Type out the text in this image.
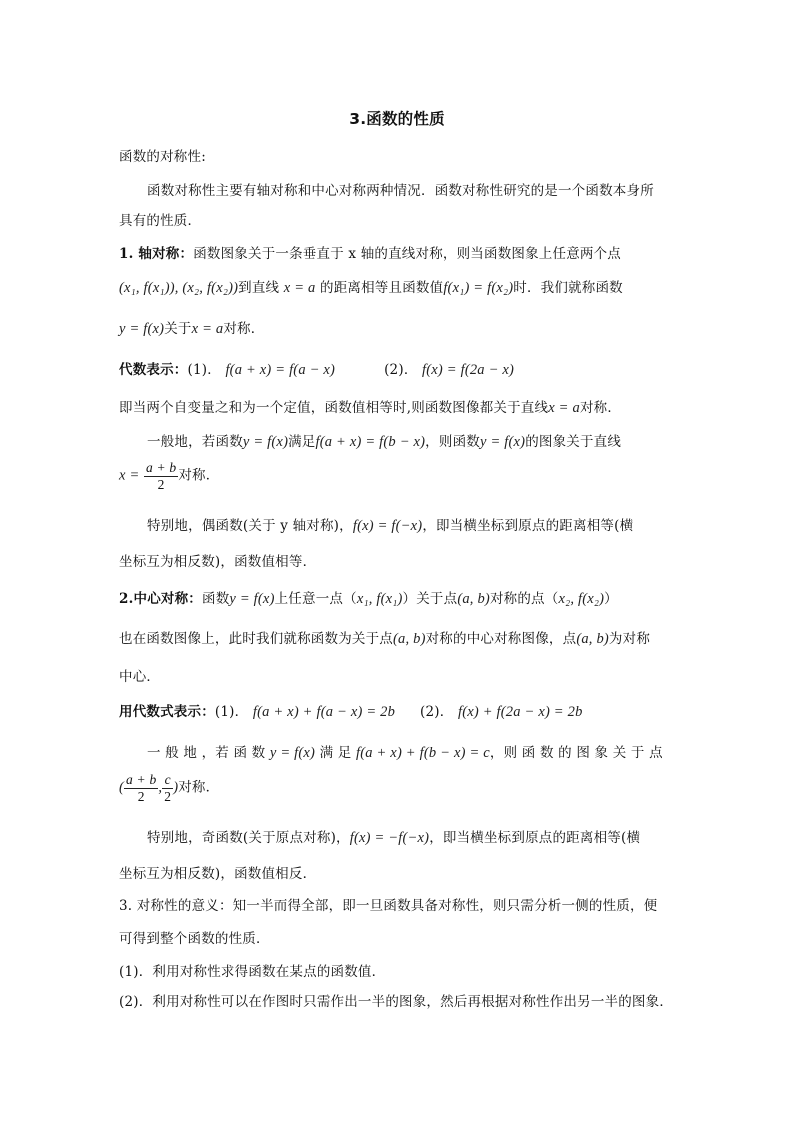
3.函数的性质
函数的对称性:
函数对称性主要有轴对称和中心对称两种情况．函数对称性研究的是一个函数本身所
具有的性质．
1. 轴对称：函数图象关于一条垂直于 x 轴的直线对称，则当函数图象上任意两个点
(x₁, f(x₁)), (x₂, f(x₂))到直线 x = a 的距离相等且函数值f(x₁) = f(x₂)时．我们就称函数
y = f(x)关于x = a对称．
代数表示：(1)． f(a + x) = f(a − x)	(2)． f(x) = f(2a − x)
即当两个自变量之和为一个定值，函数值相等时,则函数图像都关于直线x = a对称．
一般地，若函数y = f(x)满足f(a + x) = f(b − x)，则函数y = f(x)的图象关于直线
$x = \frac{a + b}{2}$ 对称．
特别地，偶函数(关于 y 轴对称)，f(x) = f(−x)，即当横坐标到原点的距离相等(横
坐标互为相反数)，函数值相等．
2.中心对称：函数y = f(x)上任意一点（x₁, f(x₁)）关于点(a, b)对称的点（x₂, f(x₂)）
也在函数图像上，此时我们就称函数为关于点(a, b)对称的中心对称图像，点(a, b)为对称
中心．
用代数式表示：(1)． f(a + x) + f(a − x) = 2b (2)． f(x) + f(2a − x) = 2b
一 般 地 ，若 函 数 y = f(x) 满 足 f(a + x) + f(b − x) = c，则 函 数 的 图 象 关 于 点
( $\frac{a + b}{2}$ , $\frac{c}{2}$ )对称．
特别地，奇函数(关于原点对称)，f(x) = −f(−x)，即当横坐标到原点的距离相等(横
坐标互为相反数)，函数值相反．
3. 对称性的意义：知一半而得全部，即一旦函数具备对称性，则只需分析一侧的性质，便
可得到整个函数的性质．
(1)．利用对称性求得函数在某点的函数值．
(2)．利用对称性可以在作图时只需作出一半的图象，然后再根据对称性作出另一半的图象．
